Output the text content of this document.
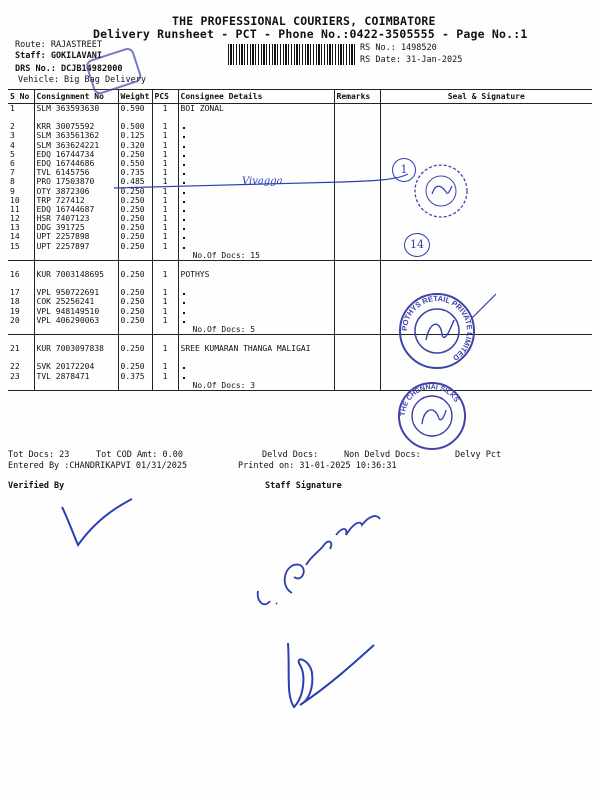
THE PROFESSIONAL COURIERS, COIMBATORE
Delivery Runsheet - PCT - Phone No.:0422-3505555 - Page No.:1
Route: RAJASTREET
Staff: GOKILAVANI
DRS No.: DCJB14982000
Vehicle: Big Bag Delivery
RS No.: 1498520
RS Date: 31-Jan-2025
S No	Consignment No	Weight	PCS	Consignee Details	Remarks	Seal & Signature
1	SLM 363593630	0.590	1	BOI ZONAL		

2	KRR 30075592	0.500	1			
3	SLM 363561362	0.125	1			
4	SLM 363624221	0.320	1			
5	EDQ 16744734	0.250	1			
6	EDQ 16744686	0.550	1			
7	TVL 6145756	0.735	1			
8	PRO 17503870	0.485	1			
9	OTY 3872306	0.250	1			
10	TRP 727412	0.250	1			
11	EDQ 16744687	0.250	1			
12	HSR 7407123	0.250	1			
13	DDG 391725	0.250	1			
14	UPT 2257898	0.250	1			
15	UPT 2257897	0.250	1			
				No.Of Docs: 15		

16	KUR 7003148695	0.250	1	POTHYS		

17	VPL 950722691	0.250	1			
18	COK 25256241	0.250	1			
19	VPL 948149510	0.250	1			
20	VPL 406290063	0.250	1			
				No.Of Docs: 5		

21	KUR 7003097838	0.250	1	SREE KUMARAN THANGA MALIGAI		

22	SVK 20172204	0.250	1			
23	TVL 2878471	0.375	1			
				No.Of Docs: 3		
Tot Docs: 23	Tot COD Amt: 0.00	Delvd Docs:	Non Delvd Docs:	Delvy Pct
Entered By :CHANDRIKAPVI 01/31/2025	Printed on: 31-01-2025 10:36:31
Verified By	Staff Signature
Vivagga
1
14
POTHYS RETAIL PRIVATE LIMITED
THE CHENNAI SILKS
